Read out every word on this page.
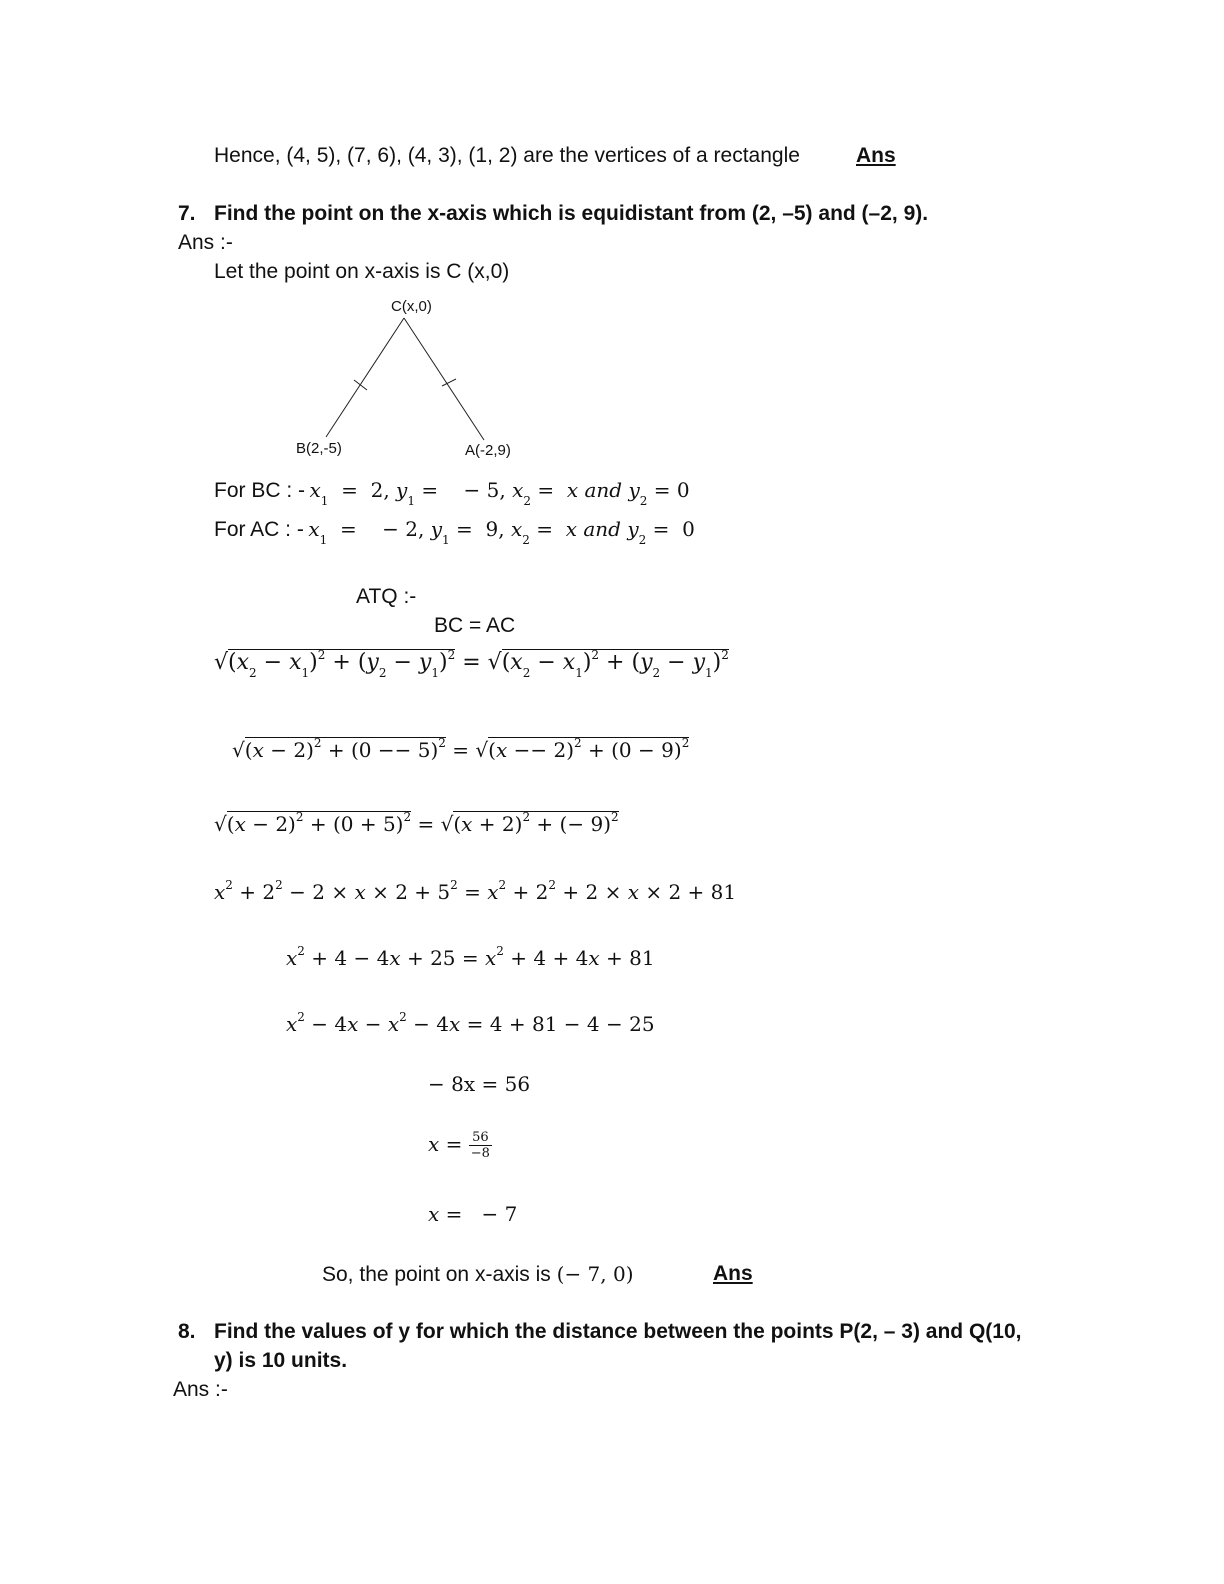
Hence, (4, 5), (7, 6), (4, 3), (1, 2) are the vertices of a rectangle	Ans
7. Find the point on the x-axis which is equidistant from (2, –5) and (–2, 9).
Ans :-
Let the point on x-axis is C (x,0)
C(x,0)
B(2,-5)	A(-2,9)
For BC : - $x_1 = 2$, $y_1$ =    − 5, $x_2 = x$ and $y_2 = 0$
For AC : - $x_1$  =    − 2, $y_1 = 9$, $x_2 = x$ and $y_2 = 0$
ATQ :-
BC = AC
$√(x_2 - x_1)^2 + (y_2 - y_1)^2 = √(x_2 - x_1)^2 + (y_2 - y_1)^2$
$√(x - 2)^2 + (0 -- 5)^2 = √(x -- 2)^2 + (0 - 9)^2$
$√(x - 2)^2 + (0 + 5)^2 = √(x + 2)^2$ + (− 9)$^2$
$x^2 + 2^2 - 2 \times x \times 2 + 5^2 = x^2 + 2^2 + 2 \times x \times 2 + 81$
$x^2 + 4 - 4x + 25 = x^2 + 4 + 4x + 81$
$x^2 - 4x - x^2 - 4x = 4 + 81 - 4 - 25$
− 8x = 56
$x = \frac{56}{-8}$
x =   − 7
So, the point on x-axis is (− 7, 0)	Ans
8. Find the values of y for which the distance between the points P(2, – 3) and Q(10,
y) is 10 units.
Ans :-
